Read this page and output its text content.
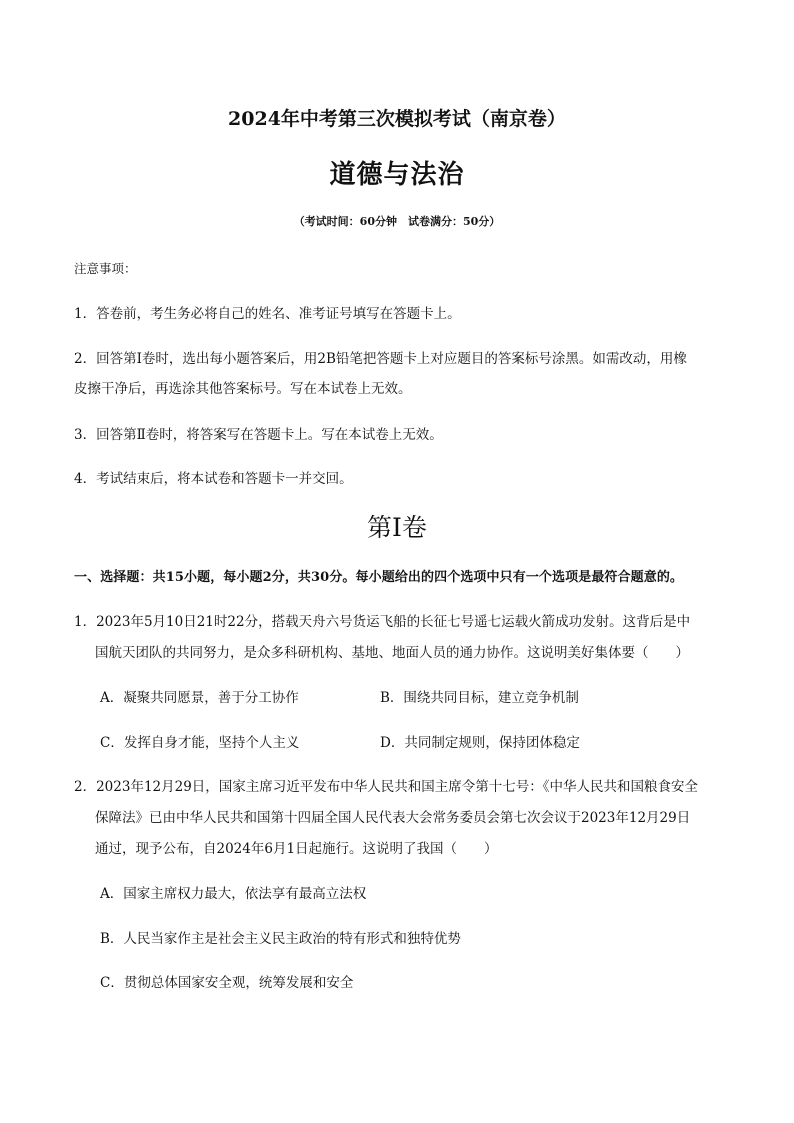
2024年中考第三次模拟考试（南京卷）
道德与法治
（考试时间：60分钟　试卷满分：50分）
注意事项：
1．答卷前，考生务必将自己的姓名、准考证号填写在答题卡上。
2．回答第Ⅰ卷时，选出每小题答案后，用2B铅笔把答题卡上对应题目的答案标号涂黑。如需改动，用橡
皮擦干净后，再选涂其他答案标号。写在本试卷上无效。
3．回答第Ⅱ卷时，将答案写在答题卡上。写在本试卷上无效。
4．考试结束后，将本试卷和答题卡一并交回。
第Ⅰ卷
一、选择题：共15小题，每小题2分，共30分。每小题给出的四个选项中只有一个选项是最符合题意的。
1．2023年5月10日21时22分，搭载天舟六号货运飞船的长征七号遥七运载火箭成功发射。这背后是中
国航天团队的共同努力，是众多科研机构、基地、地面人员的通力协作。这说明美好集体要（　　）
A．凝聚共同愿景，善于分工协作	B．围绕共同目标，建立竞争机制
C．发挥自身才能，坚持个人主义	D．共同制定规则，保持团体稳定
2．2023年12月29日，国家主席习近平发布中华人民共和国主席令第十七号：《中华人民共和国粮食安全
保障法》已由中华人民共和国第十四届全国人民代表大会常务委员会第七次会议于2023年12月29日
通过，现予公布，自2024年6月1日起施行。这说明了我国（　　）
A．国家主席权力最大，依法享有最高立法权
B．人民当家作主是社会主义民主政治的特有形式和独特优势
C．贯彻总体国家安全观，统筹发展和安全
